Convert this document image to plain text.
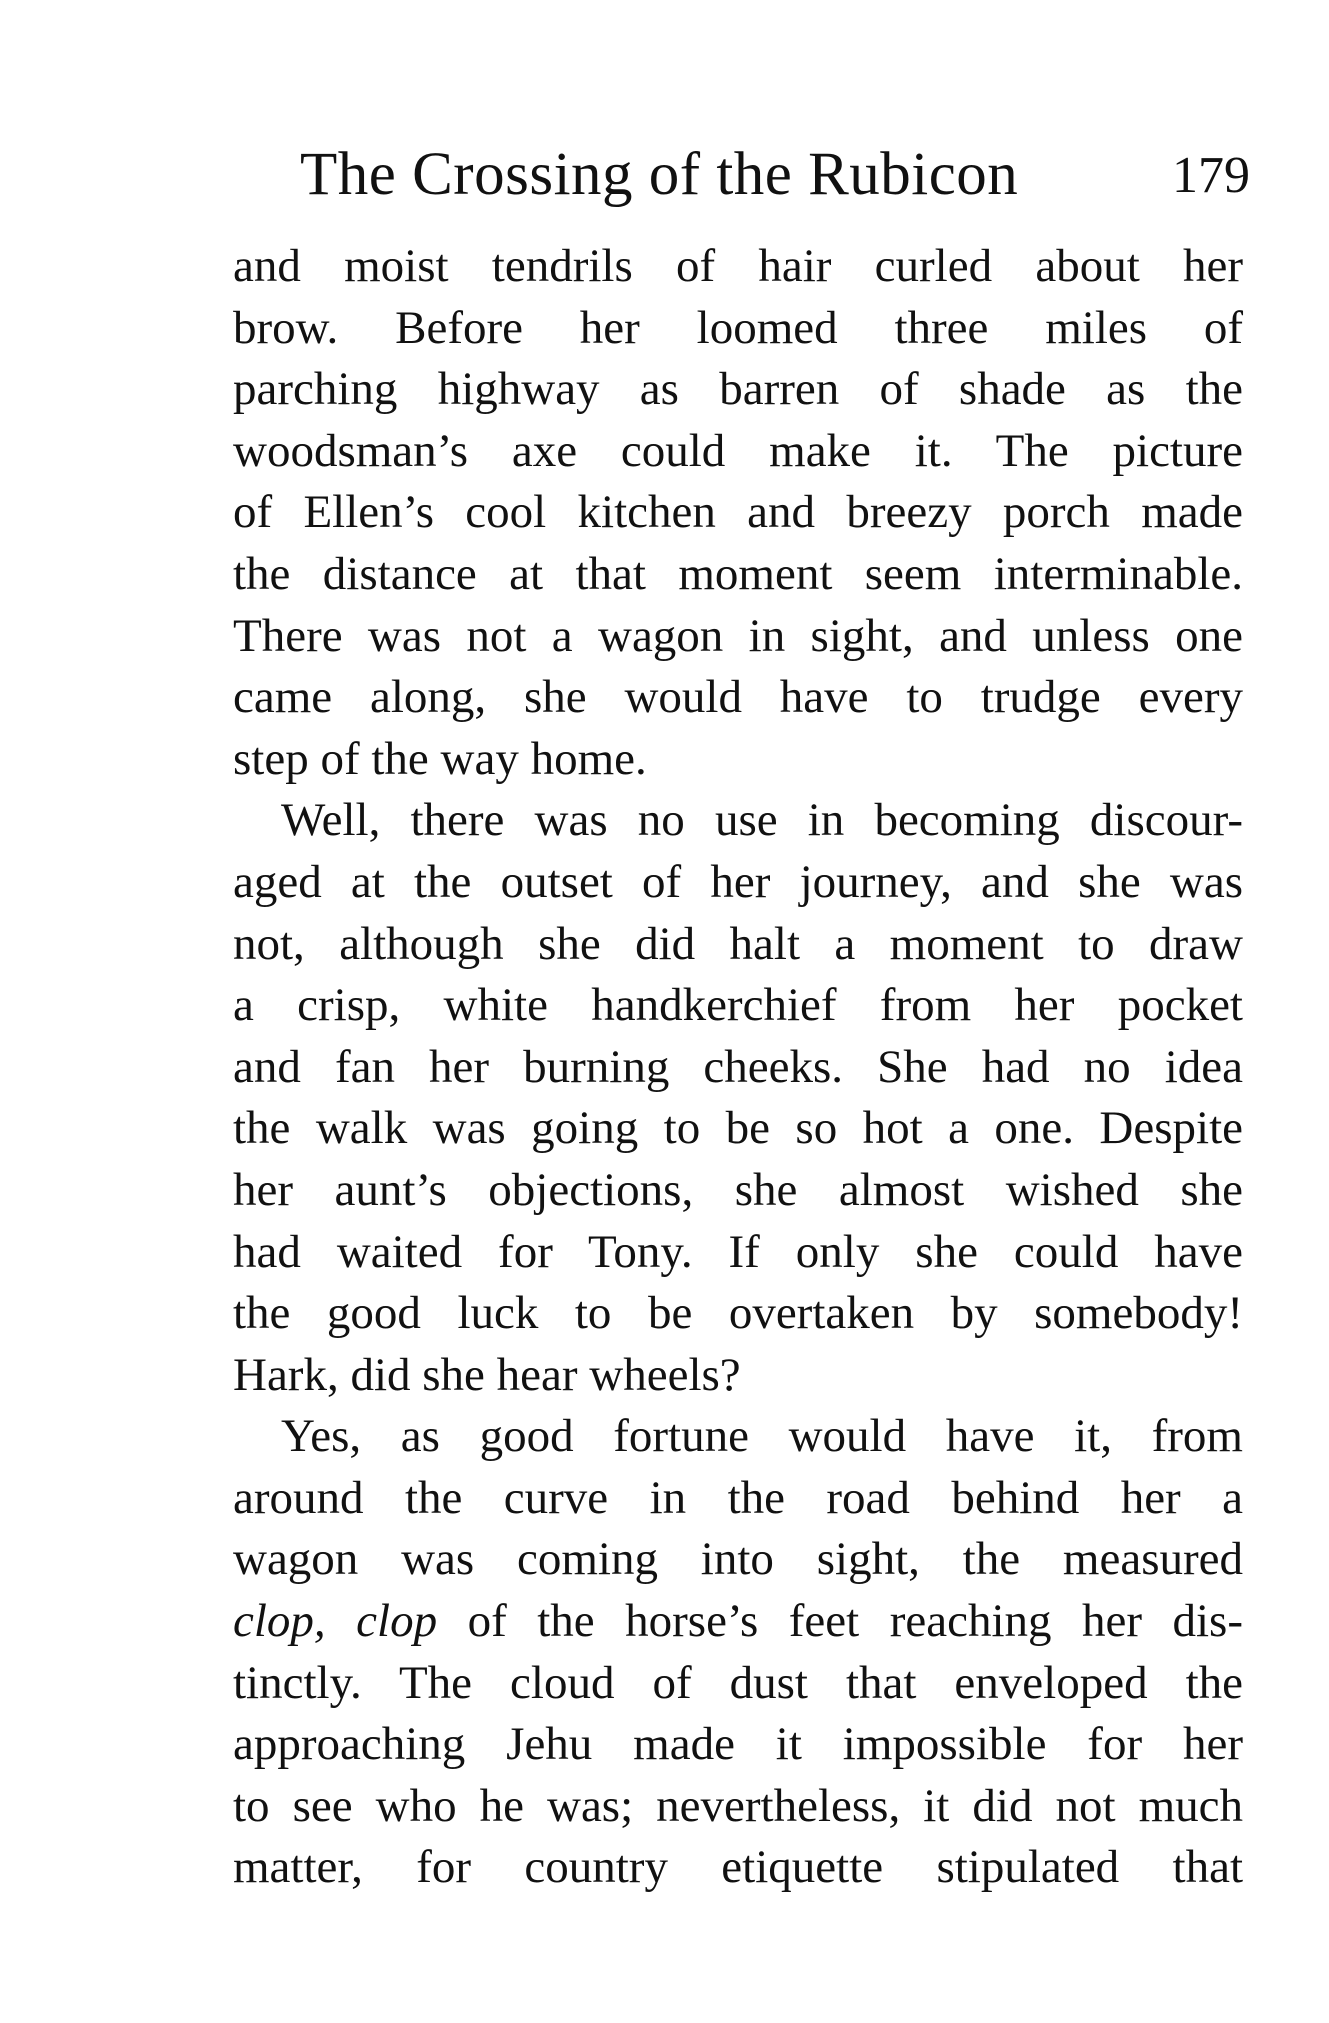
The Crossing of the Rubicon	179

and moist tendrils of hair curled about her
brow. Before her loomed three miles of
parching highway as barren of shade as the
woodsman’s axe could make it. The picture
of Ellen’s cool kitchen and breezy porch made
the distance at that moment seem interminable.
There was not a wagon in sight, and unless one
came along, she would have to trudge every
step of the way home.

Well, there was no use in becoming discour-
aged at the outset of her journey, and she was
not, although she did halt a moment to draw
a crisp, white handkerchief from her pocket
and fan her burning cheeks. She had no idea
the walk was going to be so hot a one. Despite
her aunt’s objections, she almost wished she
had waited for Tony. If only she could have
the good luck to be overtaken by somebody!
Hark, did she hear wheels?

Yes, as good fortune would have it, from
around the curve in the road behind her a
wagon was coming into sight, the measured
clop, clop of the horse’s feet reaching her dis-
tinctly. The cloud of dust that enveloped the
approaching Jehu made it impossible for her
to see who he was; nevertheless, it did not much
matter, for country etiquette stipulated that
